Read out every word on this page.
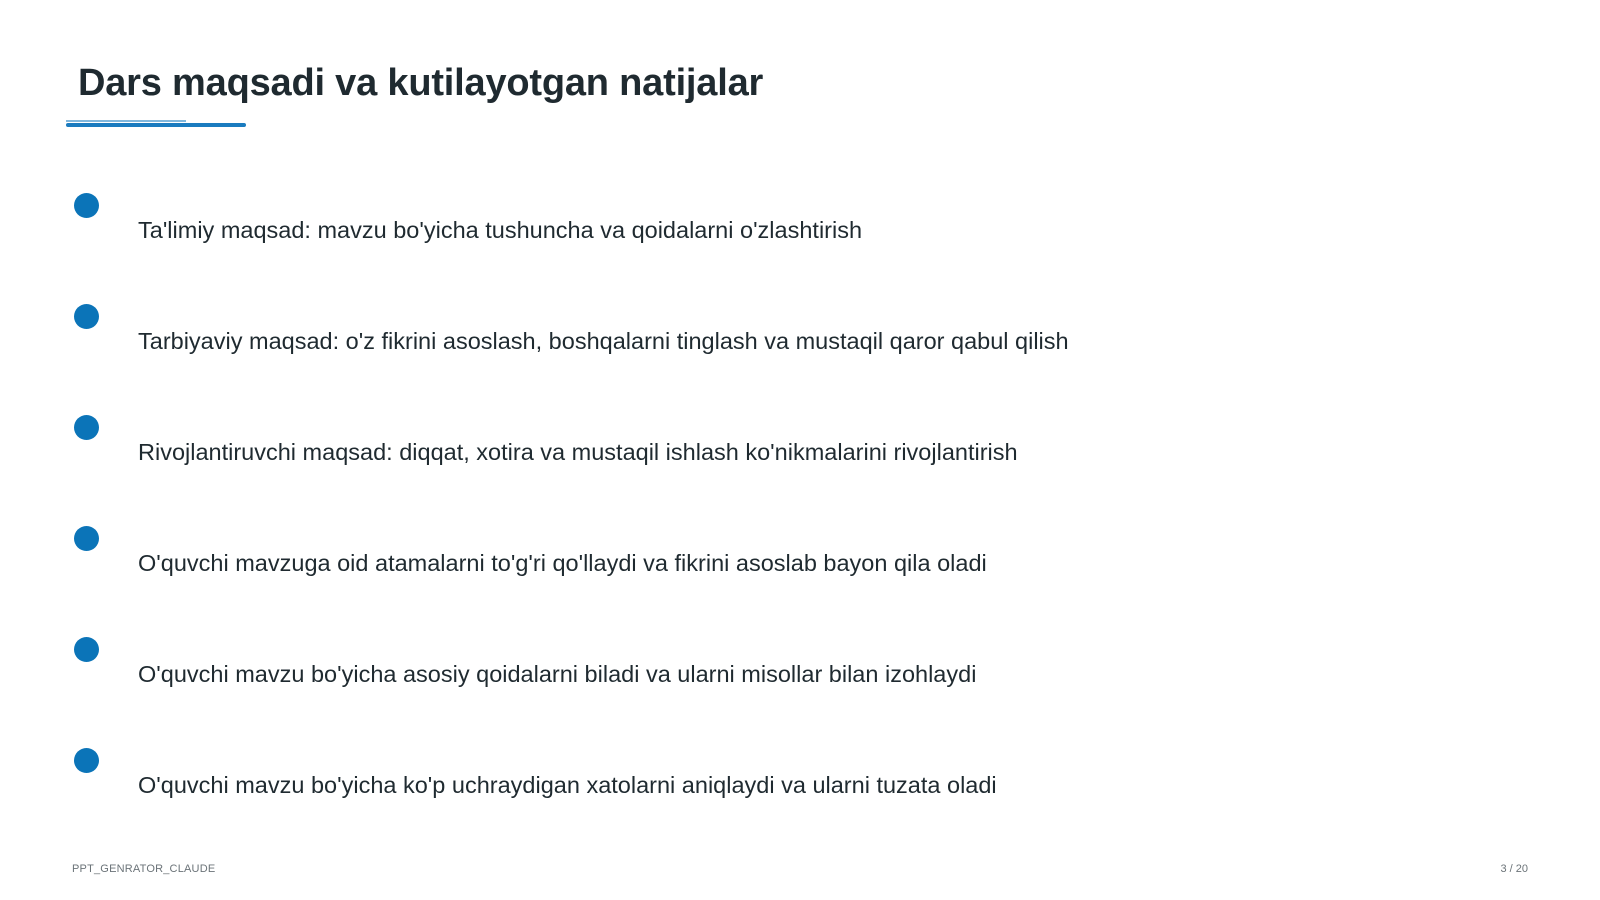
Dars maqsadi va kutilayotgan natijalar
Ta'limiy maqsad: mavzu bo'yicha tushuncha va qoidalarni o'zlashtirish
Tarbiyaviy maqsad: o'z fikrini asoslash, boshqalarni tinglash va mustaqil qaror qabul qilish
Rivojlantiruvchi maqsad: diqqat, xotira va mustaqil ishlash ko'nikmalarini rivojlantirish
O'quvchi mavzuga oid atamalarni to'g'ri qo'llaydi va fikrini asoslab bayon qila oladi
O'quvchi mavzu bo'yicha asosiy qoidalarni biladi va ularni misollar bilan izohlaydi
O'quvchi mavzu bo'yicha ko'p uchraydigan xatolarni aniqlaydi va ularni tuzata oladi
PPT_GENRATOR_CLAUDE	3 / 20
